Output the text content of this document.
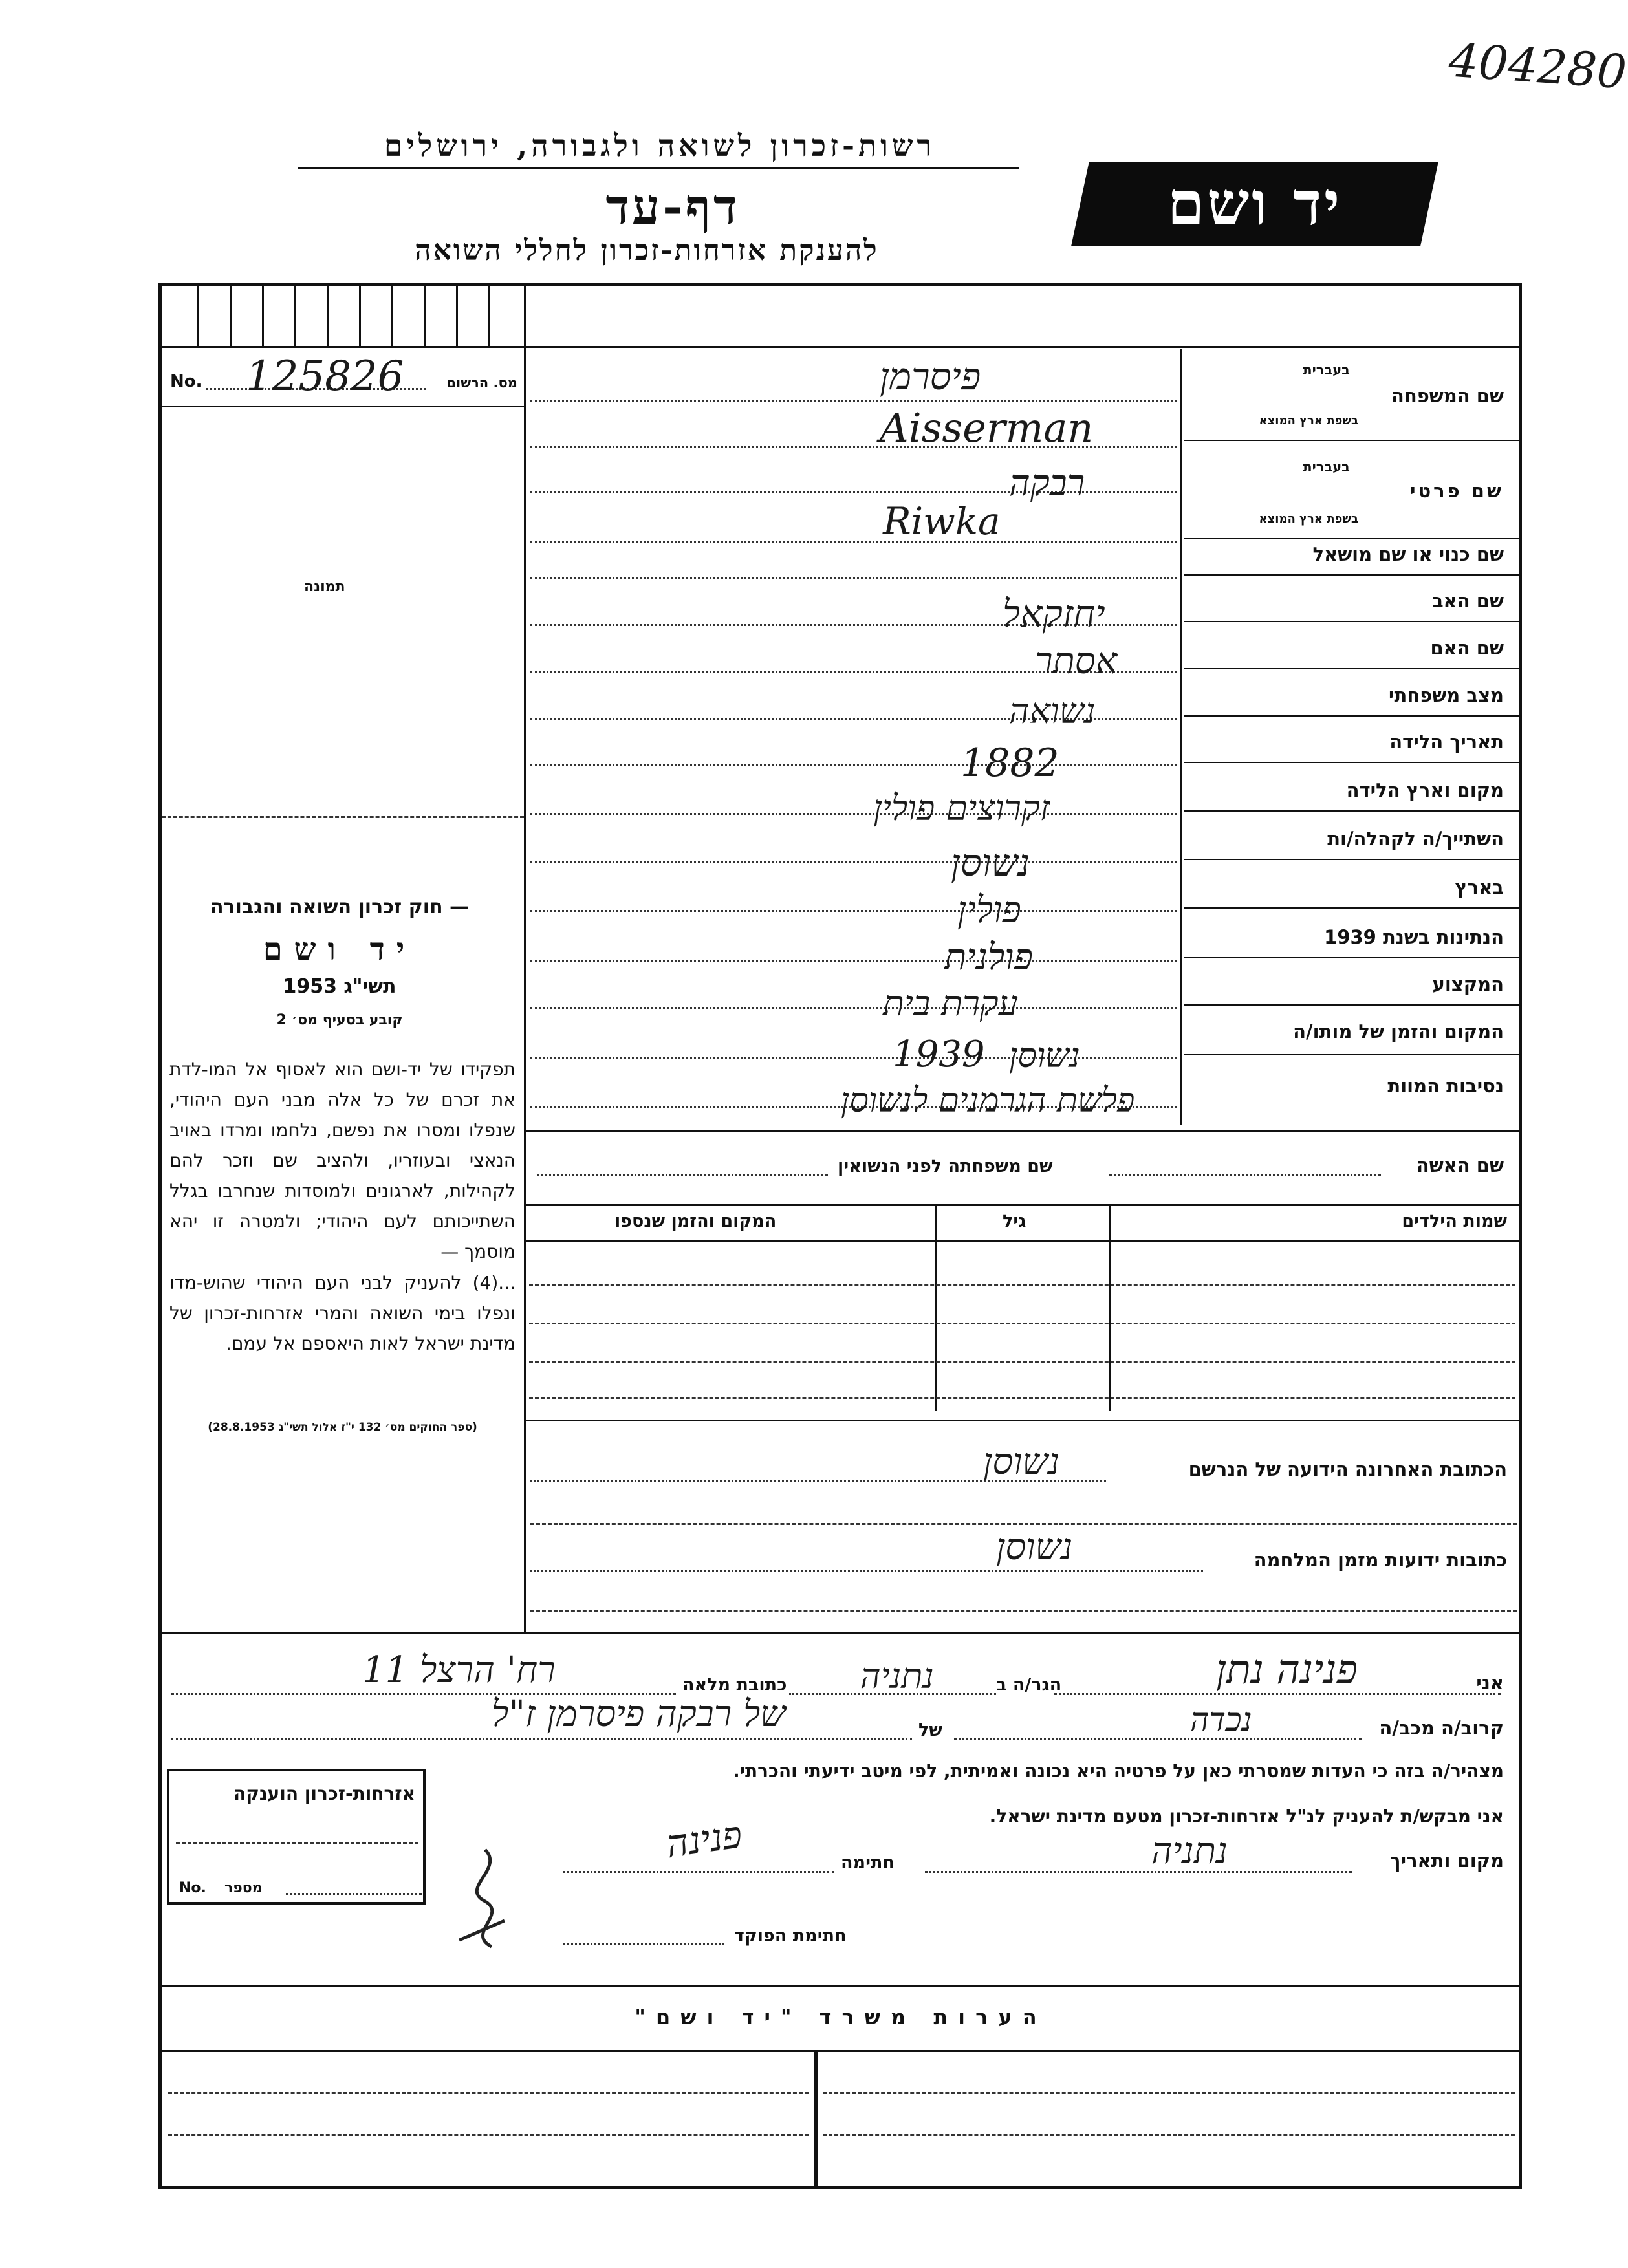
404280
רשות-זכרון לשואה ולגבורה, ירושלים
דף-עד
להענקת אזרחות-זכרון לחללי השואה
יד ושם
No. 125826	מס. הרשום
תמונה
— חוק זכרון השואה והגבורה
יד ושם
תשי"ג 1953
קובע בסעיף מס׳ 2
תפקידו של יד-ושם הוא לאסוף אל המו-לדת את זכרם של כל אלה מבני העם היהודי, שנפלו ומסרו את נפשם, נלחמו ומרדו באויב הנאצי ובעוזריו, ולהציב שם וזכר להם לקהילות, לארגונים ולמוסדות שנחרבו בגלל השתייכותם לעם היהודי; ולמטרה זו יהא מוסמך —
...(4) להעניק לבני העם היהודי שהוש-מדו ונפלו בימי השואה והמרי אזרחות-זכרון של מדינת ישראל לאות היאספם אל עמם.
(ספר החוקים מס׳ 132 י"ז אלול תשי"ג 28.8.1953)
בעברית
שם המשפחה
בשפת ארץ המוצא
בעברית
שם פרטי
בשפת ארץ המוצא
שם כנוי או שם מושאל
שם האב
שם האם
מצב משפחתי
תאריך הלידה
מקום וארץ הלידה
השתייך/ה לקהלה/ות
בארץ
הנתינות בשנת 1939
המקצוע
המקום והזמן של מותו/ה
נסיבות המוות
פיסרמן
Aisserman
רבקה
Riwka
יחזקאל
אסתר
נשואה
1882
זקרוצים פולין
נשוסן
פולין
פולנית
עקרת בית
1939 נשוסן
פלשת הגרמנים לנשוסן
שם האשה
שם משפחתה לפני הנשואין
שמות הילדים
גיל
המקום והזמן שנספו
הכתובת האחרונה הידועה של הנרשם
נשוסן
כתובות ידועות מזמן המלחמה
נשוסן
אני
פנינה נתן
הגר/ה ב
נתניה
כתובת מלאה
רח' הרצל 11
קרוב/ה מכב/ה
נכדה
של
של רבקה פיסרמן ז"ל
מצהיר/ה בזה כי העדות שמסרתי כאן על פרטיה היא נכונה ואמיתית, לפי מיטב ידיעתי והכרתי.
אני מבקש/ת להעניק לנ"ל אזרחות-זכרון מטעם מדינת ישראל.
מקום ותאריך
נתניה
חתימה
פנינה
חתימת הפוקד
אזרחות-זכרון הוענקה
No. מספר
הערות משרד "יד ושם"
